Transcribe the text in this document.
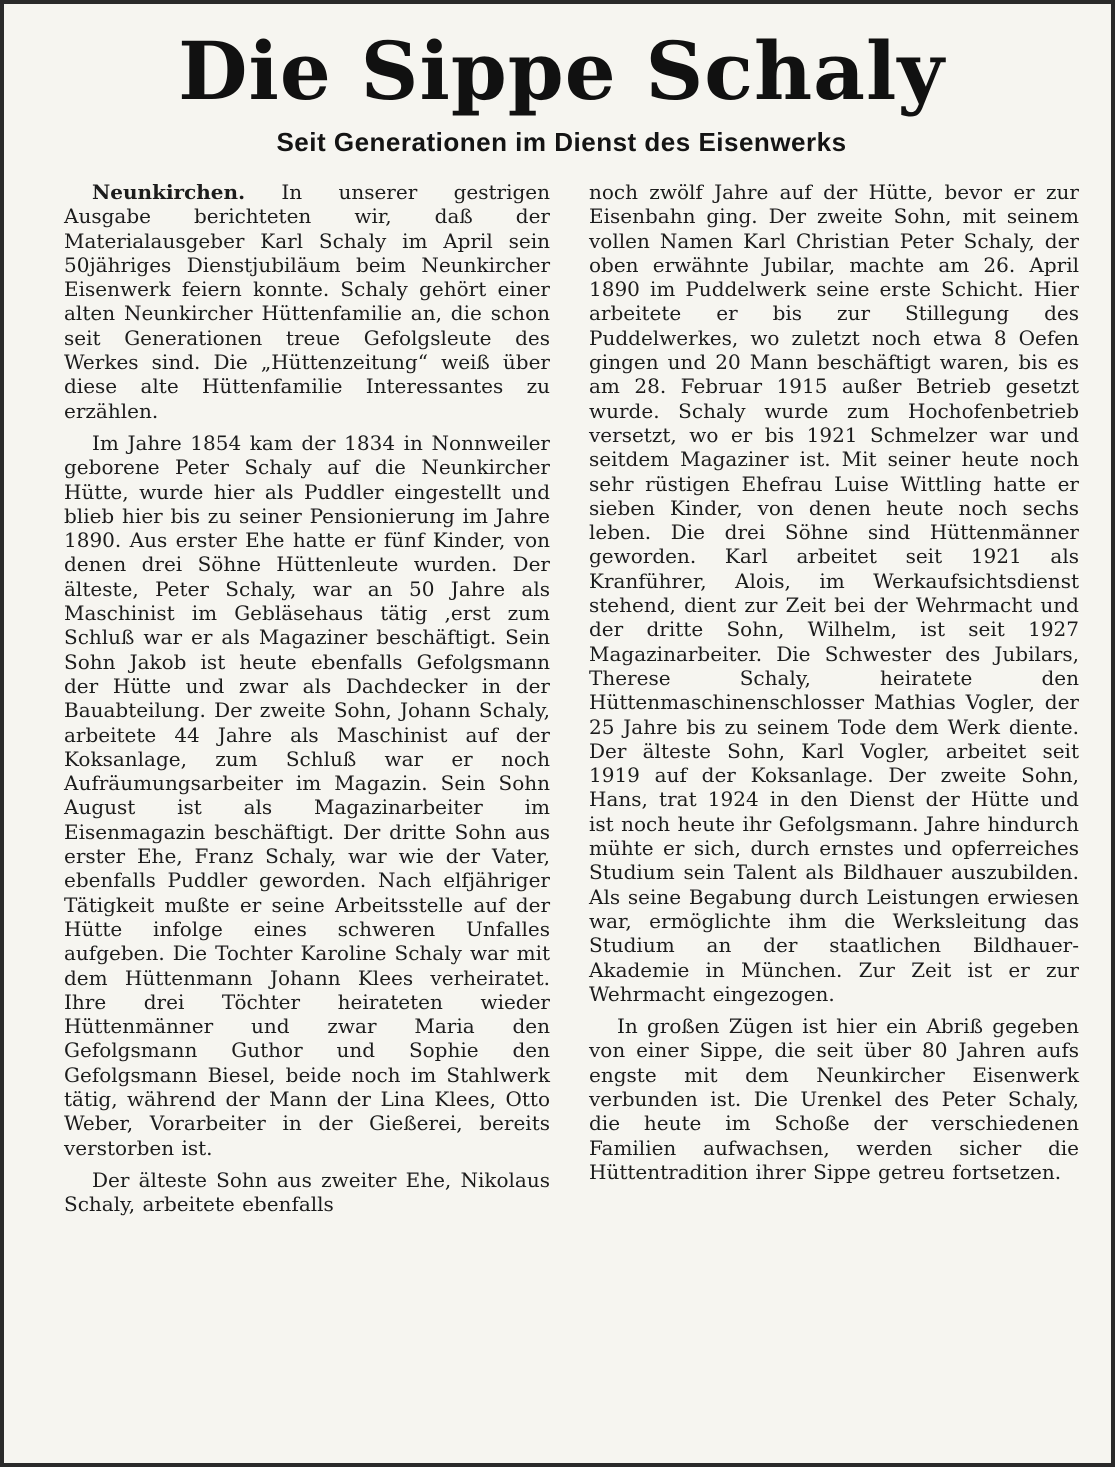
Die Sippe Schaly
Seit Generationen im Dienst des Eisenwerks

Neunkirchen. In unserer gestrigen Ausgabe berichteten wir, daß der Materialausgeber Karl Schaly im April sein 50jähriges Dienstjubiläum beim Neunkircher Eisenwerk feiern konnte. Schaly gehört einer alten Neunkircher Hüttenfamilie an, die schon seit Generationen treue Gefolgsleute des Werkes sind. Die „Hüttenzeitung“ weiß über diese alte Hüttenfamilie Interessantes zu erzählen.

Im Jahre 1854 kam der 1834 in Nonnweiler geborene Peter Schaly auf die Neunkircher Hütte, wurde hier als Puddler eingestellt und blieb hier bis zu seiner Pensionierung im Jahre 1890. Aus erster Ehe hatte er fünf Kinder, von denen drei Söhne Hüttenleute wurden. Der älteste, Peter Schaly, war an 50 Jahre als Maschinist im Gebläsehaus tätig ,erst zum Schluß war er als Magaziner beschäftigt. Sein Sohn Jakob ist heute ebenfalls Gefolgsmann der Hütte und zwar als Dachdecker in der Bauabteilung. Der zweite Sohn, Johann Schaly, arbeitete 44 Jahre als Maschinist auf der Koksanlage, zum Schluß war er noch Aufräumungsarbeiter im Magazin. Sein Sohn August ist als Magazinarbeiter im Eisenmagazin beschäftigt. Der dritte Sohn aus erster Ehe, Franz Schaly, war wie der Vater, ebenfalls Puddler geworden. Nach elfjähriger Tätigkeit mußte er seine Arbeitsstelle auf der Hütte infolge eines schweren Unfalles aufgeben. Die Tochter Karoline Schaly war mit dem Hüttenmann Johann Klees verheiratet. Ihre drei Töchter heirateten wieder Hüttenmänner und zwar Maria den Gefolgsmann Guthor und Sophie den Gefolgsmann Biesel, beide noch im Stahlwerk tätig, während der Mann der Lina Klees, Otto Weber, Vorarbeiter in der Gießerei, bereits verstorben ist.

Der älteste Sohn aus zweiter Ehe, Nikolaus Schaly, arbeitete ebenfalls

noch zwölf Jahre auf der Hütte, bevor er zur Eisenbahn ging. Der zweite Sohn, mit seinem vollen Namen Karl Christian Peter Schaly, der oben erwähnte Jubilar, machte am 26. April 1890 im Puddelwerk seine erste Schicht. Hier arbeitete er bis zur Stillegung des Puddelwerkes, wo zuletzt noch etwa 8 Oefen gingen und 20 Mann beschäftigt waren, bis es am 28. Februar 1915 außer Betrieb gesetzt wurde. Schaly wurde zum Hochofenbetrieb versetzt, wo er bis 1921 Schmelzer war und seitdem Magaziner ist. Mit seiner heute noch sehr rüstigen Ehefrau Luise Wittling hatte er sieben Kinder, von denen heute noch sechs leben. Die drei Söhne sind Hüttenmänner geworden. Karl arbeitet seit 1921 als Kranführer, Alois, im Werkaufsichtsdienst stehend, dient zur Zeit bei der Wehrmacht und der dritte Sohn, Wilhelm, ist seit 1927 Magazinarbeiter. Die Schwester des Jubilars, Therese Schaly, heiratete den Hüttenmaschinenschlosser Mathias Vogler, der 25 Jahre bis zu seinem Tode dem Werk diente. Der älteste Sohn, Karl Vogler, arbeitet seit 1919 auf der Koksanlage. Der zweite Sohn, Hans, trat 1924 in den Dienst der Hütte und ist noch heute ihr Gefolgsmann. Jahre hindurch mühte er sich, durch ernstes und opferreiches Studium sein Talent als Bildhauer auszubilden. Als seine Begabung durch Leistungen erwiesen war, ermöglichte ihm die Werksleitung das Studium an der staatlichen Bildhauer-Akademie in München. Zur Zeit ist er zur Wehrmacht eingezogen.

In großen Zügen ist hier ein Abriß gegeben von einer Sippe, die seit über 80 Jahren aufs engste mit dem Neunkircher Eisenwerk verbunden ist. Die Urenkel des Peter Schaly, die heute im Schoße der verschiedenen Familien aufwachsen, werden sicher die Hüttentradition ihrer Sippe getreu fortsetzen.
